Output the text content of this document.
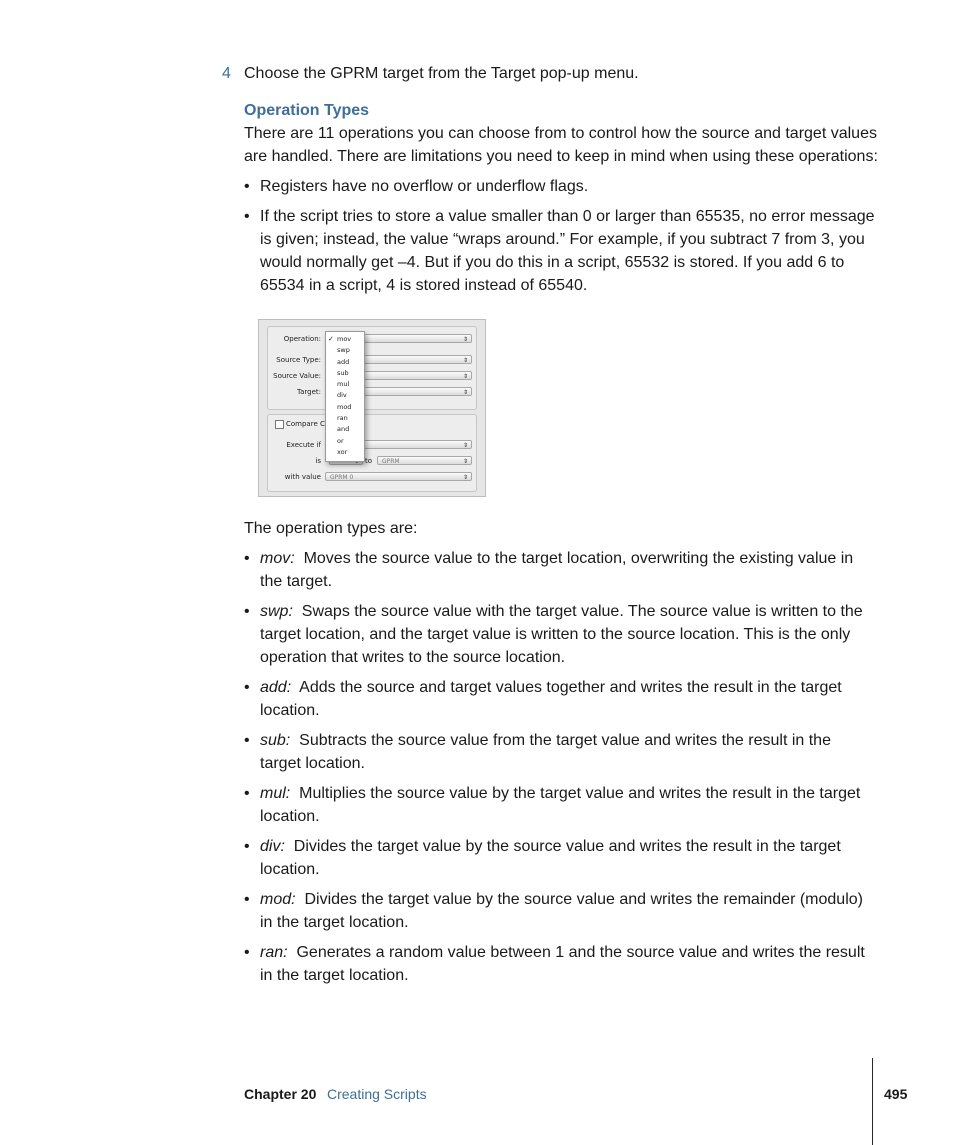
4 Choose the GPRM target from the Target pop-up menu.
Operation Types
There are 11 operations you can choose from to control how the source and target values are handled. There are limitations you need to keep in mind when using these operations:
• Registers have no overflow or underflow flags.
• If the script tries to store a value smaller than 0 or larger than 65535, no error message is given; instead, the value “wraps around.” For example, if you subtract 7 from 3, you would normally get –4. But if you do this in a script, 65532 is stored. If you add 6 to 65534 in a script, 4 is stored instead of 65540.
Operation:	⇕
Source Type:	⇕
Source Value:	⇕
Target:	⇕
Compare C
Execute if	⇕
is	to	GPRM	⇕
with value	GPRM 0	⇕
✓ mov
swp
add
sub
mul
div
mod
ran
and
or
xor
The operation types are:
• mov: Moves the source value to the target location, overwriting the existing value in the target.
• swp: Swaps the source value with the target value. The source value is written to the target location, and the target value is written to the source location. This is the only operation that writes to the source location.
• add: Adds the source and target values together and writes the result in the target location.
• sub: Subtracts the source value from the target value and writes the result in the target location.
• mul: Multiplies the source value by the target value and writes the result in the target location.
• div: Divides the target value by the source value and writes the result in the target location.
• mod: Divides the target value by the source value and writes the remainder (modulo) in the target location.
• ran: Generates a random value between 1 and the source value and writes the result in the target location.
Chapter 20 Creating Scripts	495
